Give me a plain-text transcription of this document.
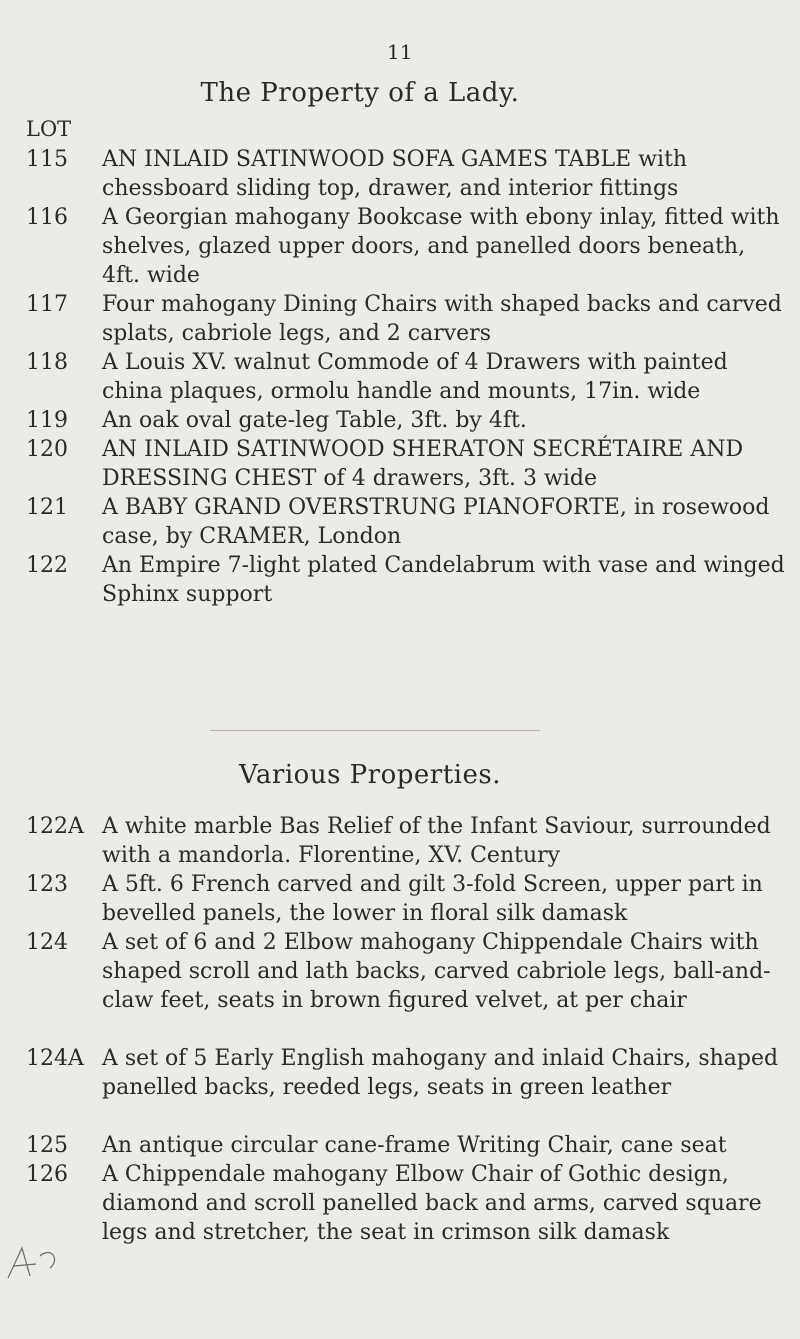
11
The Property of a Lady.
LOT
115	AN INLAID SATINWOOD SOFA GAMES TABLE with chessboard sliding top, drawer, and interior fittings
116	A Georgian mahogany Bookcase with ebony inlay, fitted with shelves, glazed upper doors, and panelled doors beneath, 4ft. wide
117	Four mahogany Dining Chairs with shaped backs and carved splats, cabriole legs, and 2 carvers
118	A Louis XV. walnut Commode of 4 Drawers with painted china plaques, ormolu handle and mounts, 17in. wide
119	An oak oval gate-leg Table, 3ft. by 4ft.
120	AN INLAID SATINWOOD SHERATON SECRÉTAIRE AND DRESSING CHEST of 4 drawers, 3ft. 3 wide
121	A BABY GRAND OVERSTRUNG PIANOFORTE, in rosewood case, by CRAMER, London
122	An Empire 7-light plated Candelabrum with vase and winged Sphinx support
Various Properties.
122A A white marble Bas Relief of the Infant Saviour, surrounded with a mandorla. Florentine, XV. Century
123	A 5ft. 6 French carved and gilt 3-fold Screen, upper part in bevelled panels, the lower in floral silk damask
124	A set of 6 and 2 Elbow mahogany Chippendale Chairs with shaped scroll and lath backs, carved cabriole legs, ball-and-claw feet, seats in brown figured velvet, at per chair
124A A set of 5 Early English mahogany and inlaid Chairs, shaped panelled backs, reeded legs, seats in green leather
125	An antique circular cane-frame Writing Chair, cane seat
126	A Chippendale mahogany Elbow Chair of Gothic design, diamond and scroll panelled back and arms, carved square legs and stretcher, the seat in crimson silk damask
